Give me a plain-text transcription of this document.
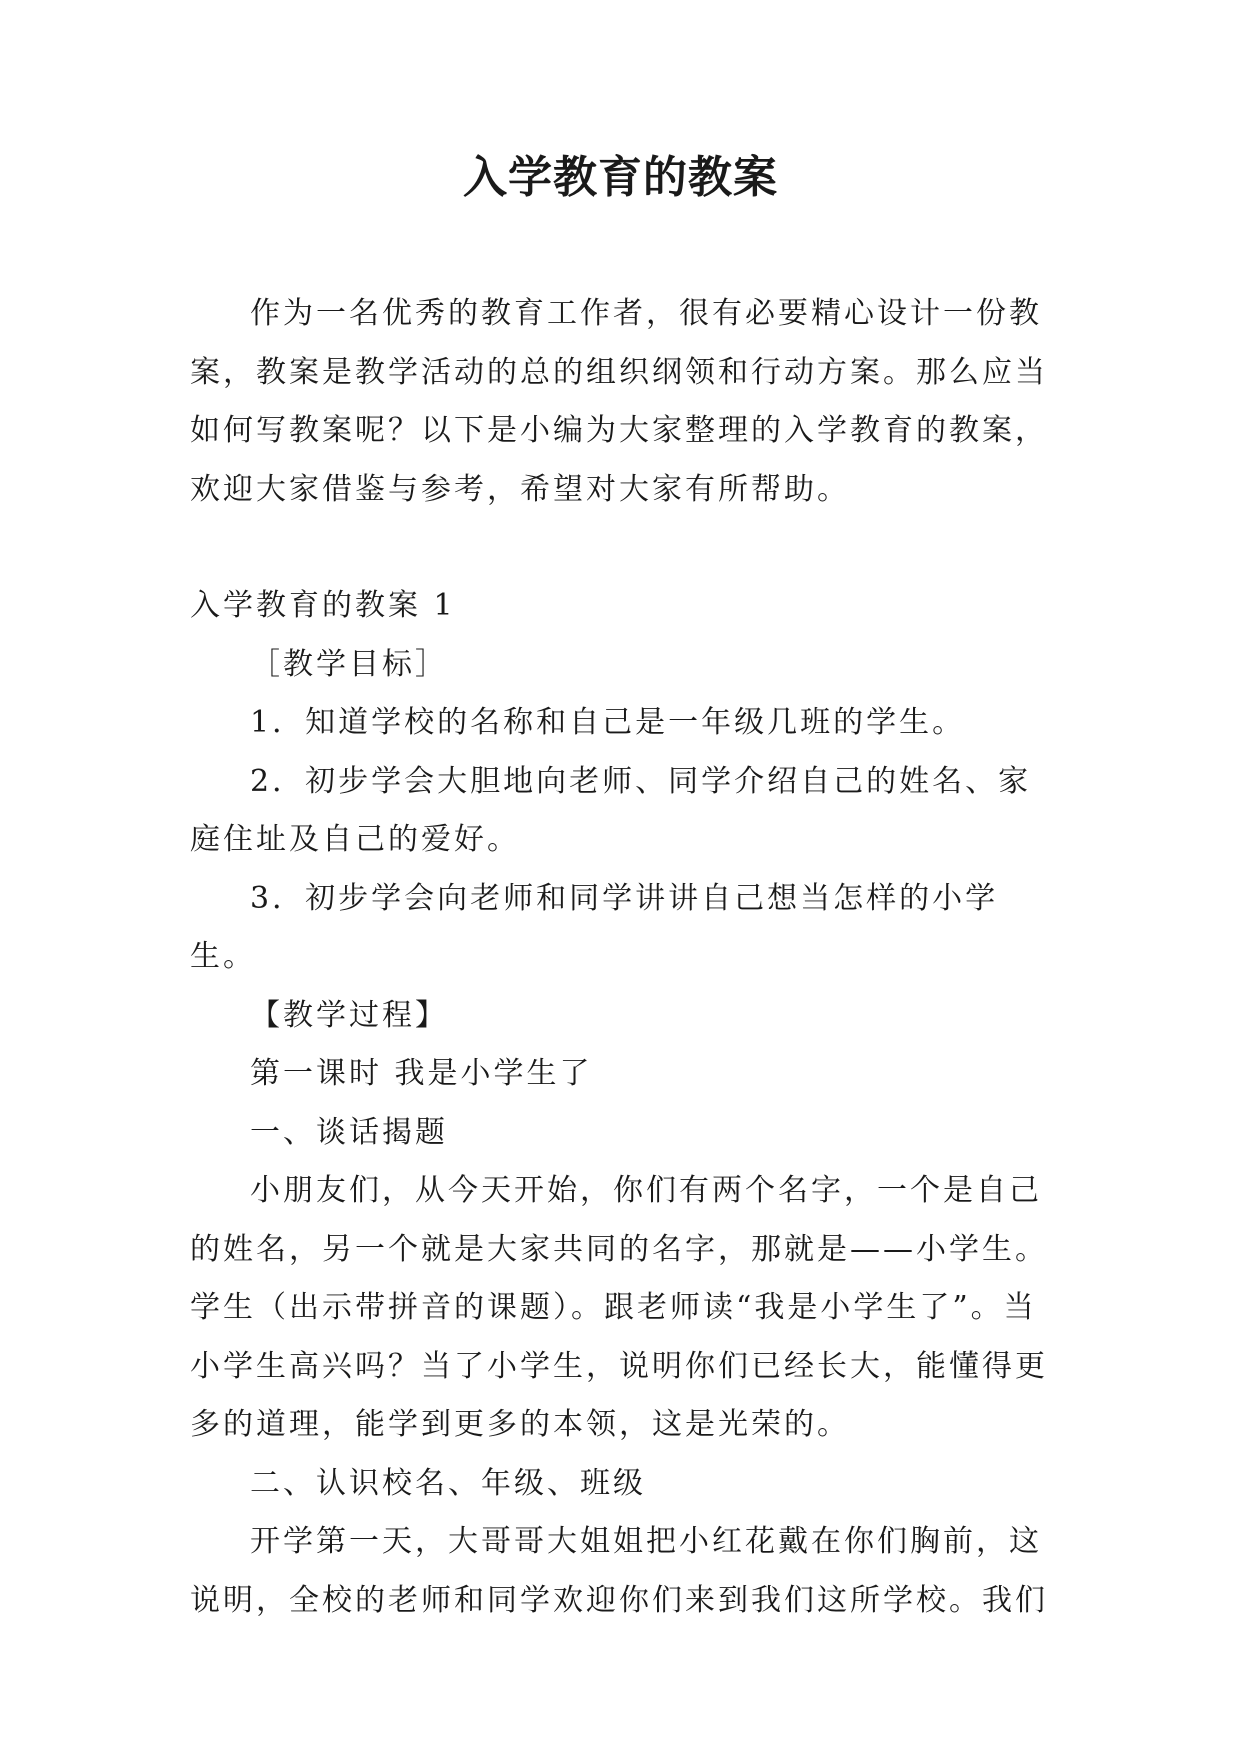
入学教育的教案

作为一名优秀的教育工作者，很有必要精心设计一份教案，教案是教学活动的总的组织纲领和行动方案。那么应当如何写教案呢？以下是小编为大家整理的入学教育的教案，欢迎大家借鉴与参考，希望对大家有所帮助。

入学教育的教案 1

［教学目标］

1．知道学校的名称和自己是一年级几班的学生。

2．初步学会大胆地向老师、同学介绍自己的姓名、家庭住址及自己的爱好。

3．初步学会向老师和同学讲讲自己想当怎样的小学生。

【教学过程】

第一课时 我是小学生了

一、谈话揭题

小朋友们，从今天开始，你们有两个名字，一个是自己的姓名，另一个就是大家共同的名字，那就是——小学生。学生（出示带拼音的课题）。跟老师读“我是小学生了”。当小学生高兴吗？当了小学生，说明你们已经长大，能懂得更多的道理，能学到更多的本领，这是光荣的。

二、认识校名、年级、班级

开学第一天，大哥哥大姐姐把小红花戴在你们胸前，这说明，全校的老师和同学欢迎你们来到我们这所学校。我们
